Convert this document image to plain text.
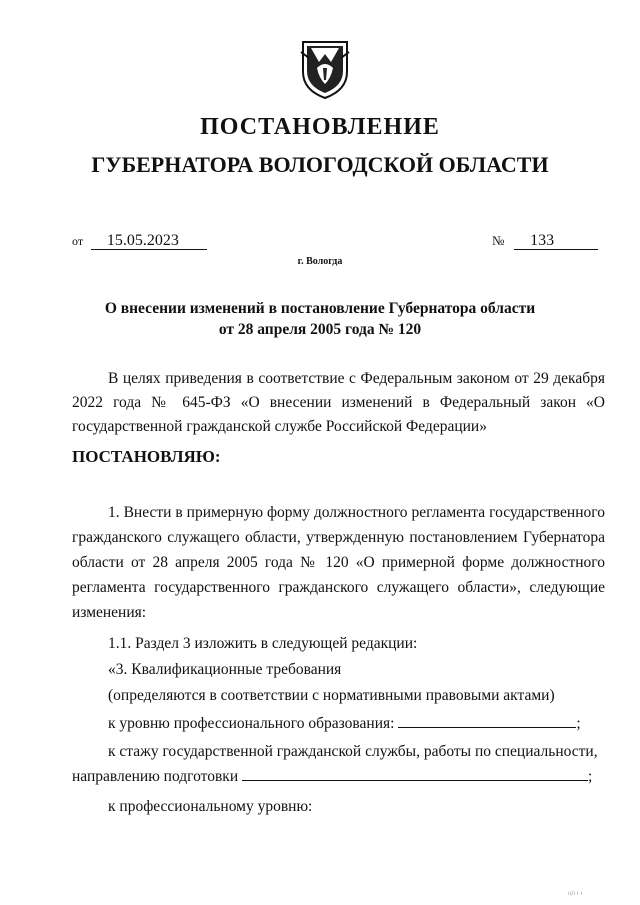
ПОСТАНОВЛЕНИЕ
ГУБЕРНАТОРА ВОЛОГОДСКОЙ ОБЛАСТИ
от 15.05.2023	№ 133
г. Вологда
О внесении изменений в постановление Губернатора области
от 28 апреля 2005 года № 120

В целях приведения в соответствие с Федеральным законом от 29 декабря 2022 года № 645-ФЗ «О внесении изменений в Федеральный закон «О государственной гражданской службе Российской Федерации»

ПОСТАНОВЛЯЮ:

1. Внести в примерную форму должностного регламента государственного гражданского служащего области, утвержденную постановлением Губернатора области от 28 апреля 2005 года № 120 «О примерной форме должностного регламента государственного гражданского служащего области», следующие изменения:

1.1. Раздел 3 изложить в следующей редакции:

«3. Квалификационные требования

(определяются в соответствии с нормативными правовыми актами)

к уровню профессионального образования:	;

к стажу государственной гражданской службы, работы по специальности,

направлению подготовки	;

к профессиональному уровню:

ıı/ı ı ı
